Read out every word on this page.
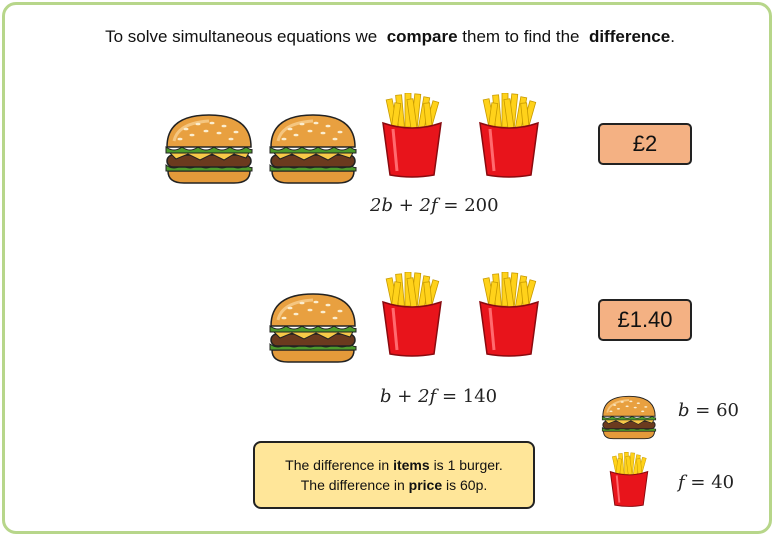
To solve simultaneous equations we compare them to find the difference.
£2
2b + 2f = 200
£1.40
b + 2f = 140
b = 60
f = 40
The difference in items is 1 burger.
The difference in price is 60p.
